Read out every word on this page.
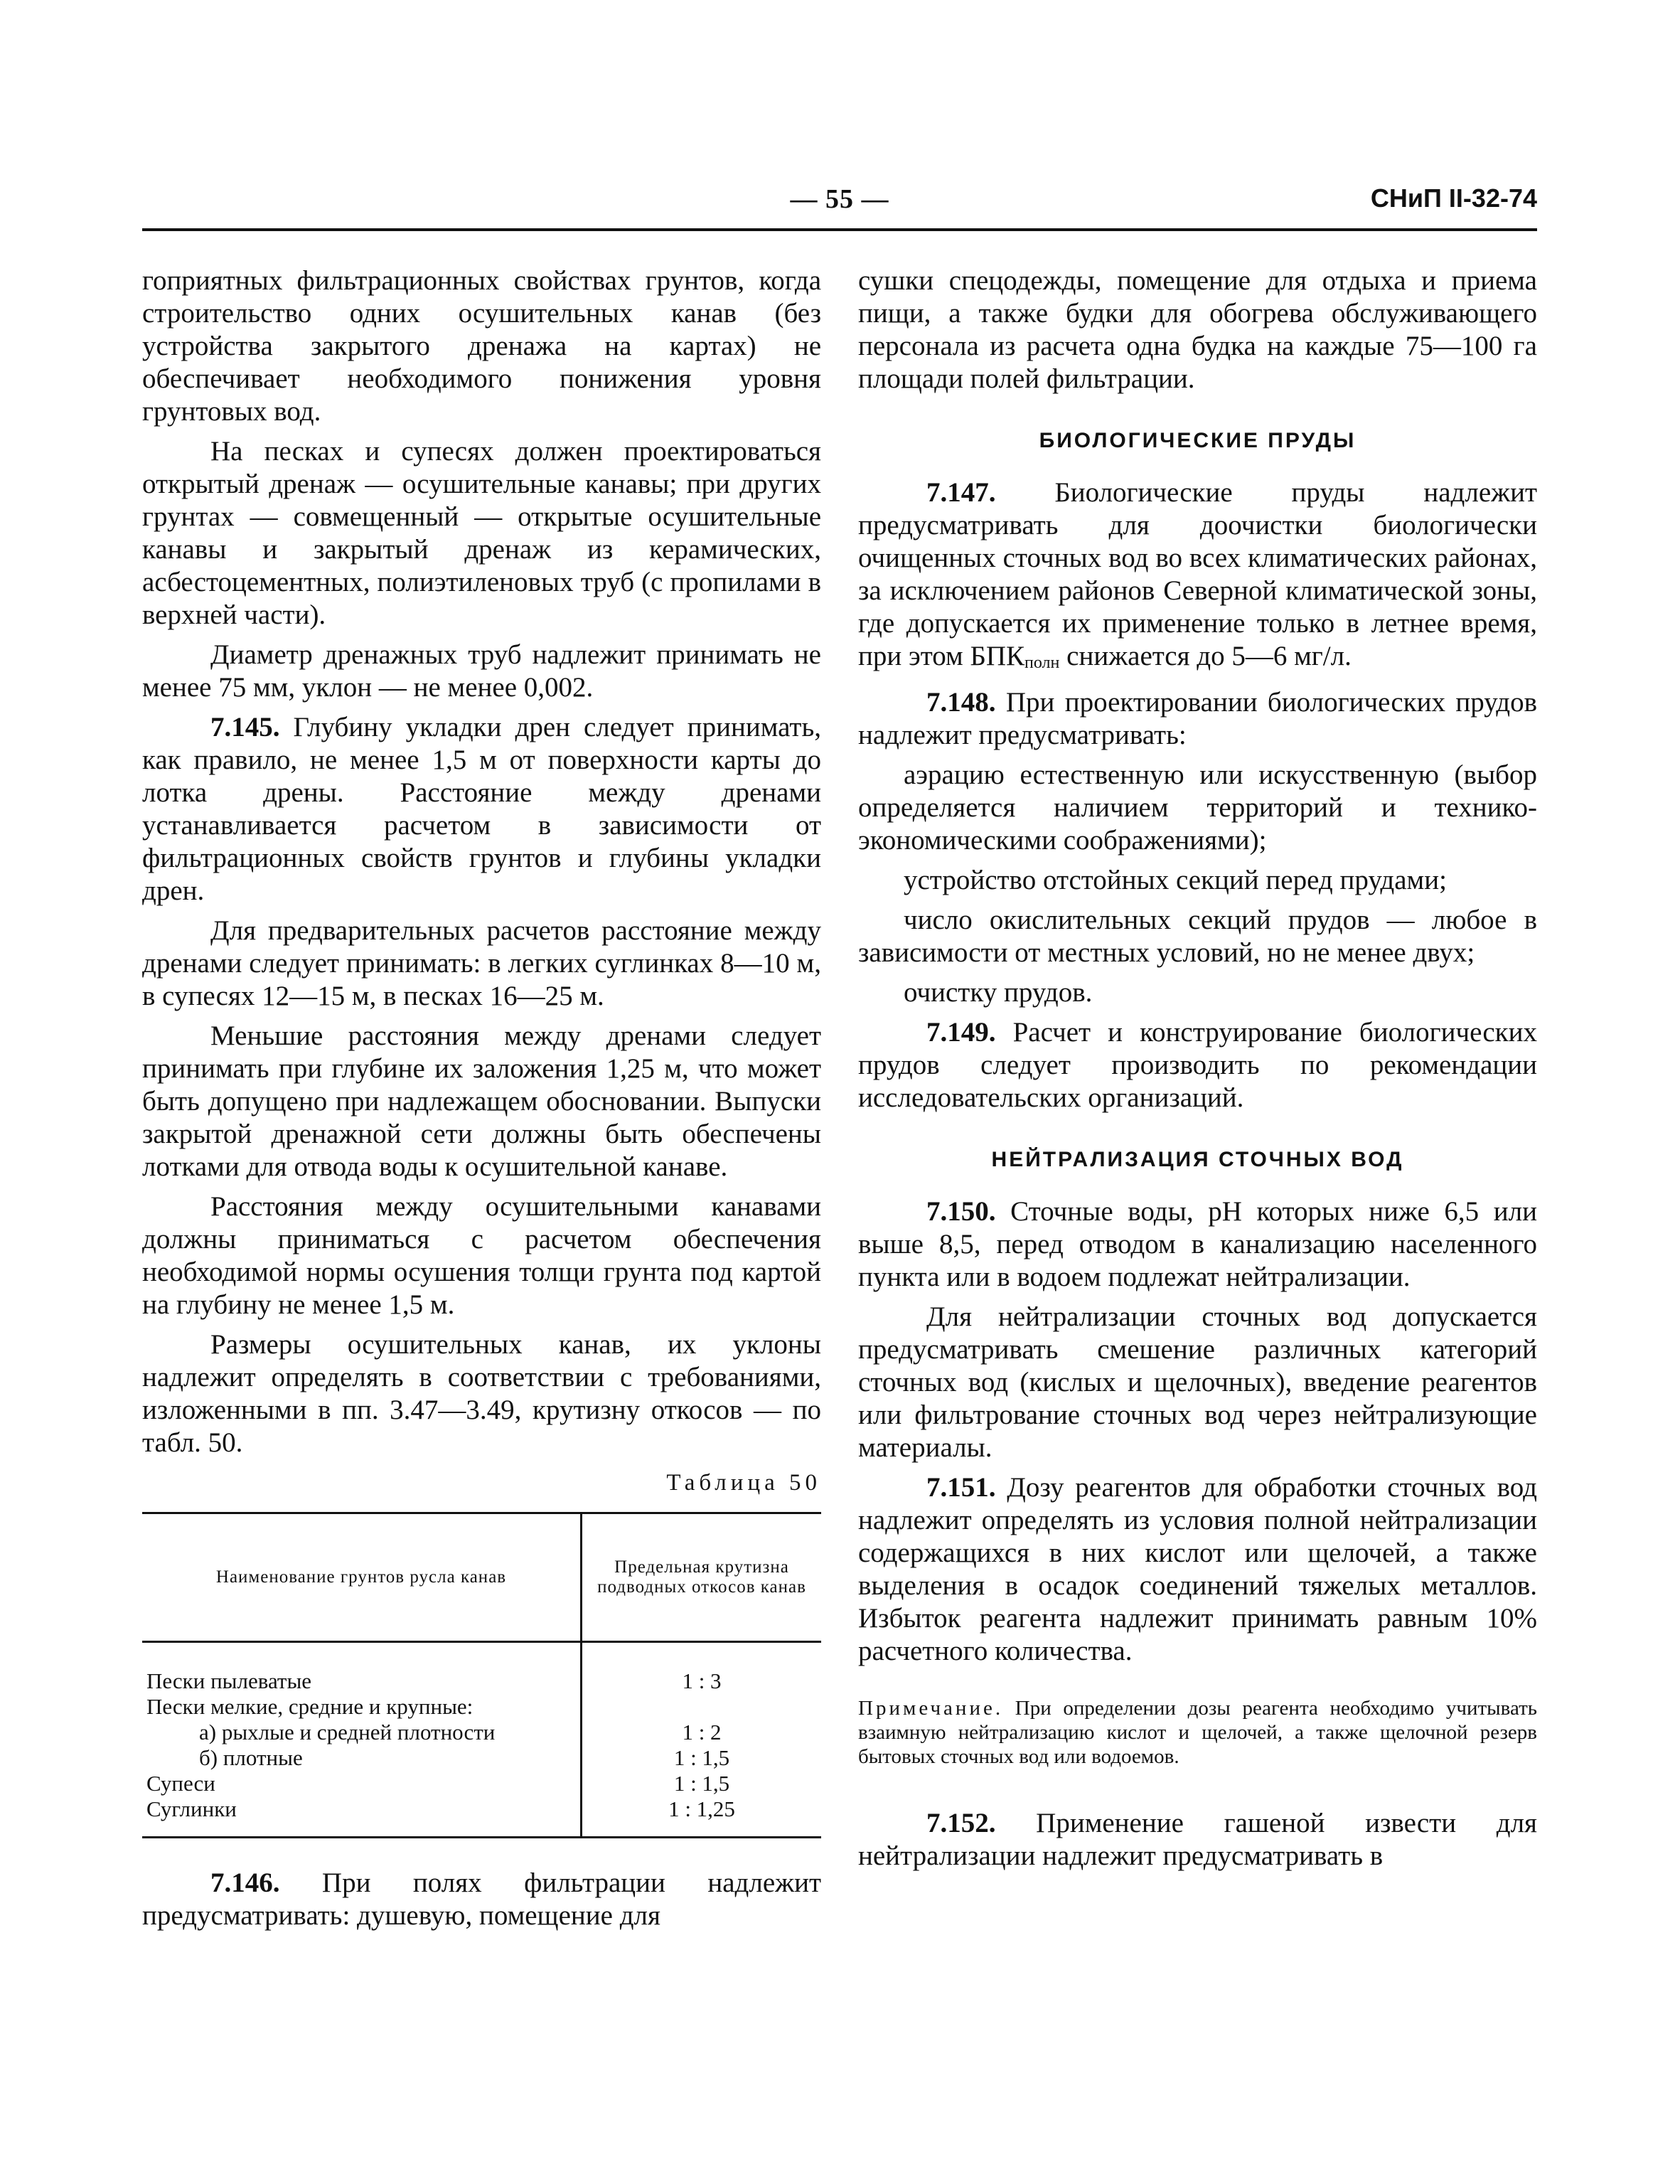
— 55 —	СНиП II-32-74

гоприятных фильтрационных свойствах грунтов, когда строительство одних осушительных канав (без устройства закрытого дренажа на картах) не обеспечивает необходимого понижения уровня грунтовых вод.

На песках и супесях должен проектироваться открытый дренаж — осушительные канавы; при других грунтах — совмещенный — открытые осушительные канавы и закрытый дренаж из керамических, асбестоцементных, полиэтиленовых труб (с пропилами в верхней части).

Диаметр дренажных труб надлежит принимать не менее 75 мм, уклон — не менее 0,002.

7.145. Глубину укладки дрен следует принимать, как правило, не менее 1,5 м от поверхности карты до лотка дрены. Расстояние между дренами устанавливается расчетом в зависимости от фильтрационных свойств грунтов и глубины укладки дрен.

Для предварительных расчетов расстояние между дренами следует принимать: в легких суглинках 8—10 м, в супесях 12—15 м, в песках 16—25 м.

Меньшие расстояния между дренами следует принимать при глубине их заложения 1,25 м, что может быть допущено при надлежащем обосновании. Выпуски закрытой дренажной сети должны быть обеспечены лотками для отвода воды к осушительной канаве.

Расстояния между осушительными канавами должны приниматься с расчетом обеспечения необходимой нормы осушения толщи грунта под картой на глубину не менее 1,5 м.

Размеры осушительных канав, их уклоны надлежит определять в соответствии с требованиями, изложенными в пп. 3.47—3.49, крутизну откосов — по табл. 50.

Таблица 50
Наименование грунтов русла канав	Предельная крутизна подводных откосов канав
Пески пылеватые	1 : 3
Пески мелкие, средние и крупные:	
а) рыхлые и средней плотности	1 : 2
б) плотные	1 : 1,5
Супеси	1 : 1,5
Суглинки	1 : 1,25

7.146. При полях фильтрации надлежит предусматривать: душевую, помещение для

сушки спецодежды, помещение для отдыха и приема пищи, а также будки для обогрева обслуживающего персонала из расчета одна будка на каждые 75—100 га площади полей фильтрации.

БИОЛОГИЧЕСКИЕ ПРУДЫ

7.147. Биологические пруды надлежит предусматривать для доочистки биологически очищенных сточных вод во всех климатических районах, за исключением районов Северной климатической зоны, где допускается их применение только в летнее время, при этом $БПК_{полн}$ снижается до 5—6 мг/л.

7.148. При проектировании биологических прудов надлежит предусматривать:

аэрацию естественную или искусственную (выбор определяется наличием территорий и технико-экономическими соображениями);

устройство отстойных секций перед прудами;

число окислительных секций прудов — любое в зависимости от местных условий, но не менее двух;

очистку прудов.

7.149. Расчет и конструирование биологических прудов следует производить по рекомендации исследовательских организаций.

НЕЙТРАЛИЗАЦИЯ СТОЧНЫХ ВОД

7.150. Сточные воды, pH которых ниже 6,5 или выше 8,5, перед отводом в канализацию населенного пункта или в водоем подлежат нейтрализации.

Для нейтрализации сточных вод допускается предусматривать смешение различных категорий сточных вод (кислых и щелочных), введение реагентов или фильтрование сточных вод через нейтрализующие материалы.

7.151. Дозу реагентов для обработки сточных вод надлежит определять из условия полной нейтрализации содержащихся в них кислот или щелочей, а также выделения в осадок соединений тяжелых металлов. Избыток реагента надлежит принимать равным 10% расчетного количества.

Примечание. При определении дозы реагента необходимо учитывать взаимную нейтрализацию кислот и щелочей, а также щелочной резерв бытовых сточных вод или водоемов.

7.152. Применение гашеной извести для нейтрализации надлежит предусматривать в
